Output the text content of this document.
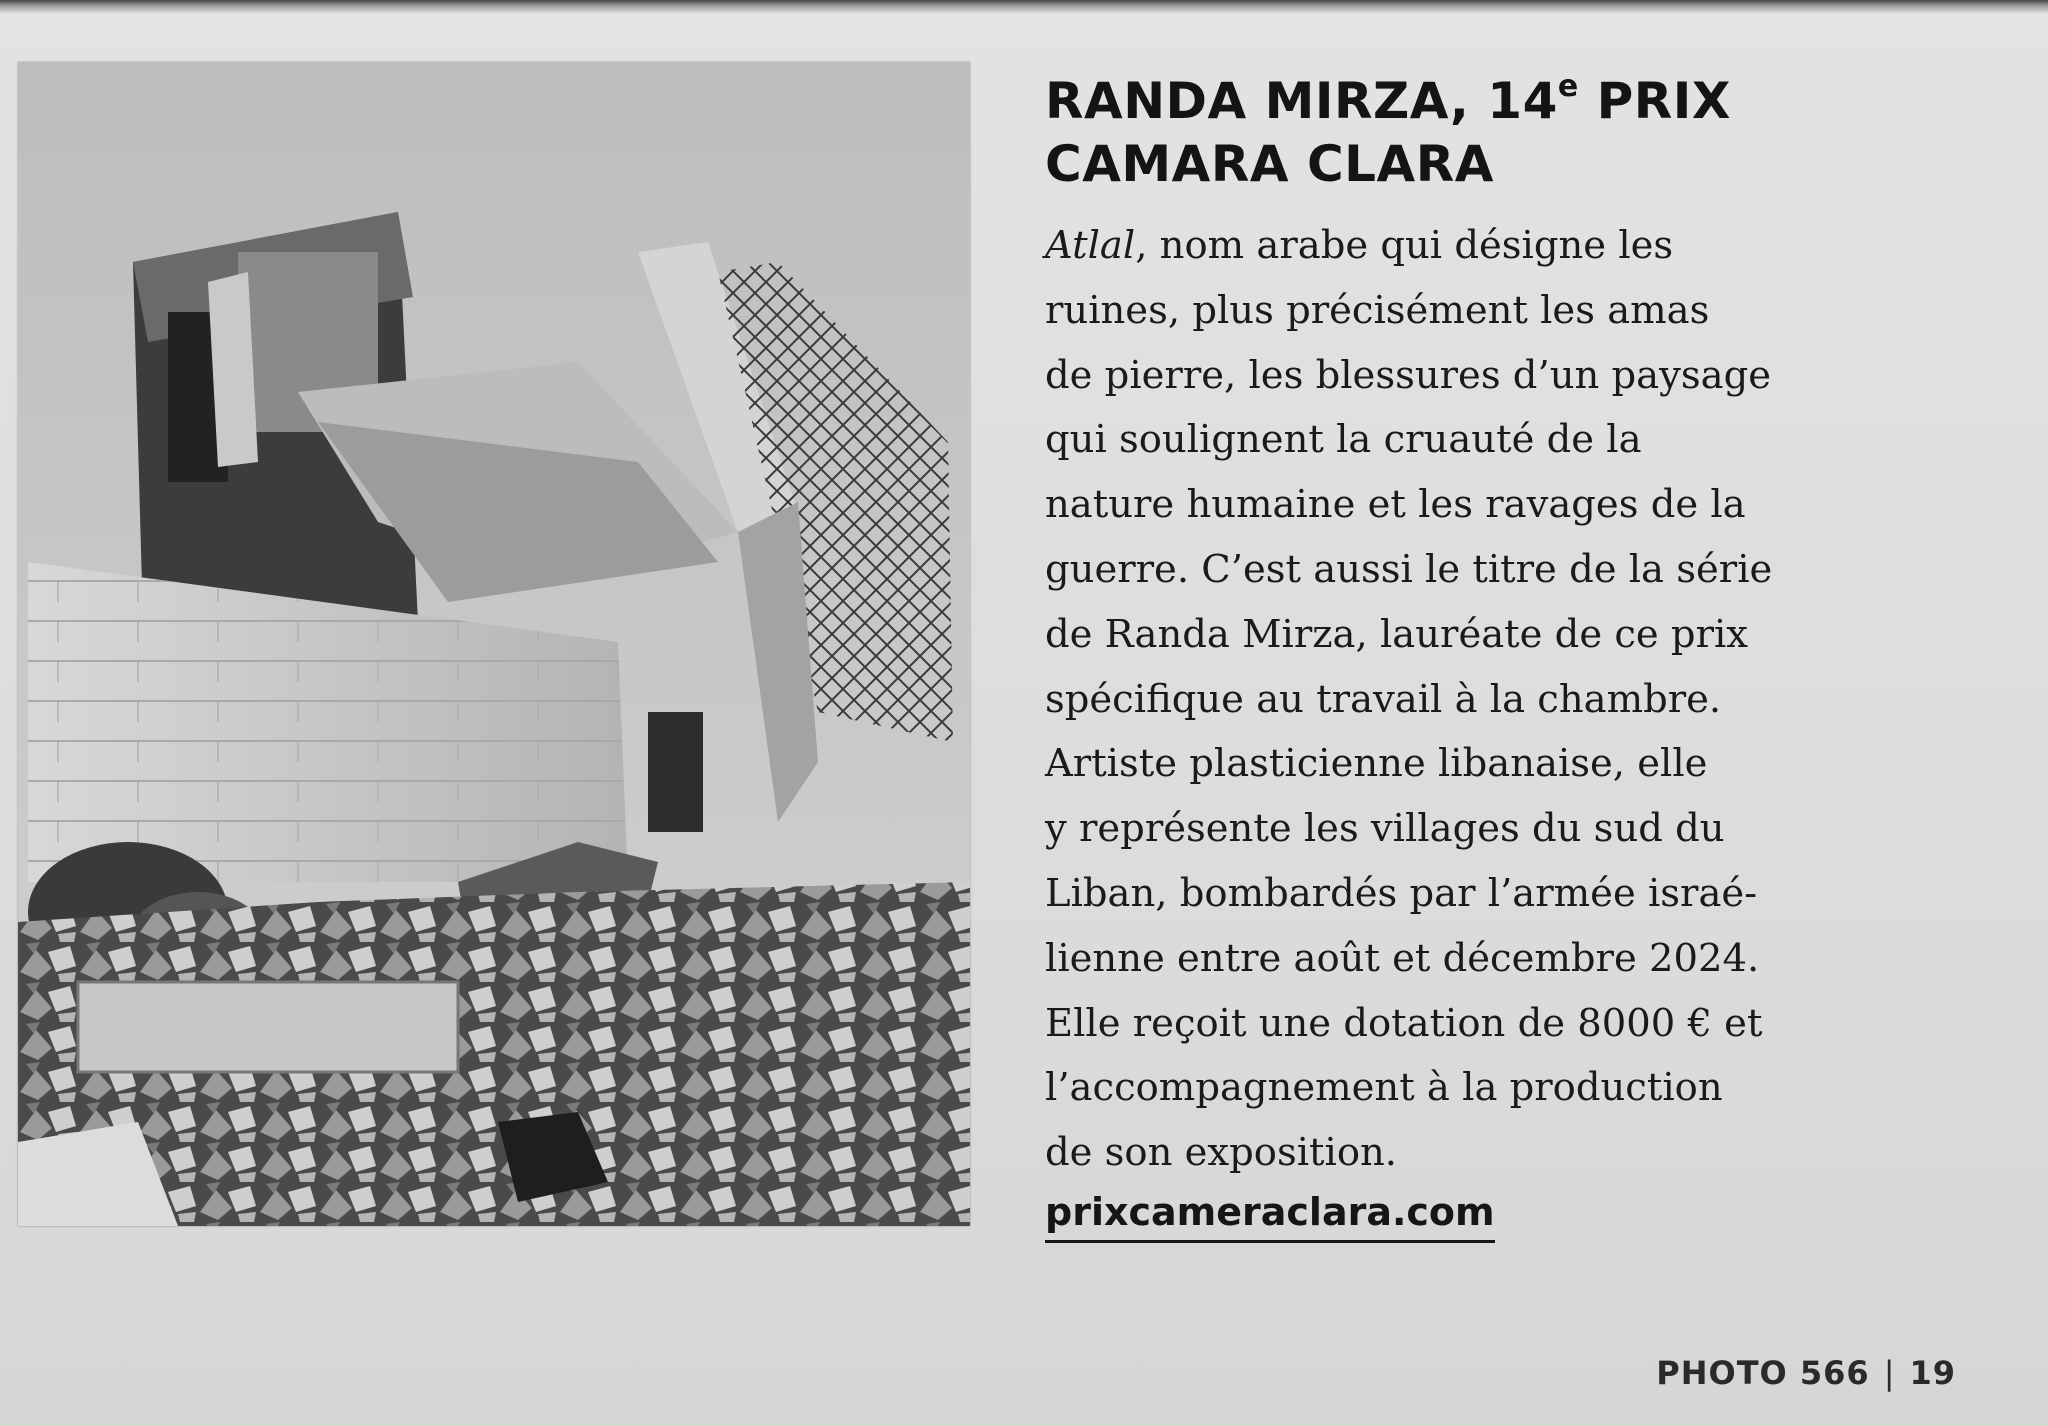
RANDA MIRZA, 14e PRIX
CAMARA CLARA
Atlal, nom arabe qui désigne les
ruines, plus précisément les amas
de pierre, les blessures d’un paysage
qui soulignent la cruauté de la
nature humaine et les ravages de la
guerre. C’est aussi le titre de la série
de Randa Mirza, lauréate de ce prix
spécifique au travail à la chambre.
Artiste plasticienne libanaise, elle
y représente les villages du sud du
Liban, bombardés par l’armée israé-
lienne entre août et décembre 2024.
Elle reçoit une dotation de 8000 € et
l’accompagnement à la production
de son exposition.
prixcameraclara.com
PHOTO 566 | 19
